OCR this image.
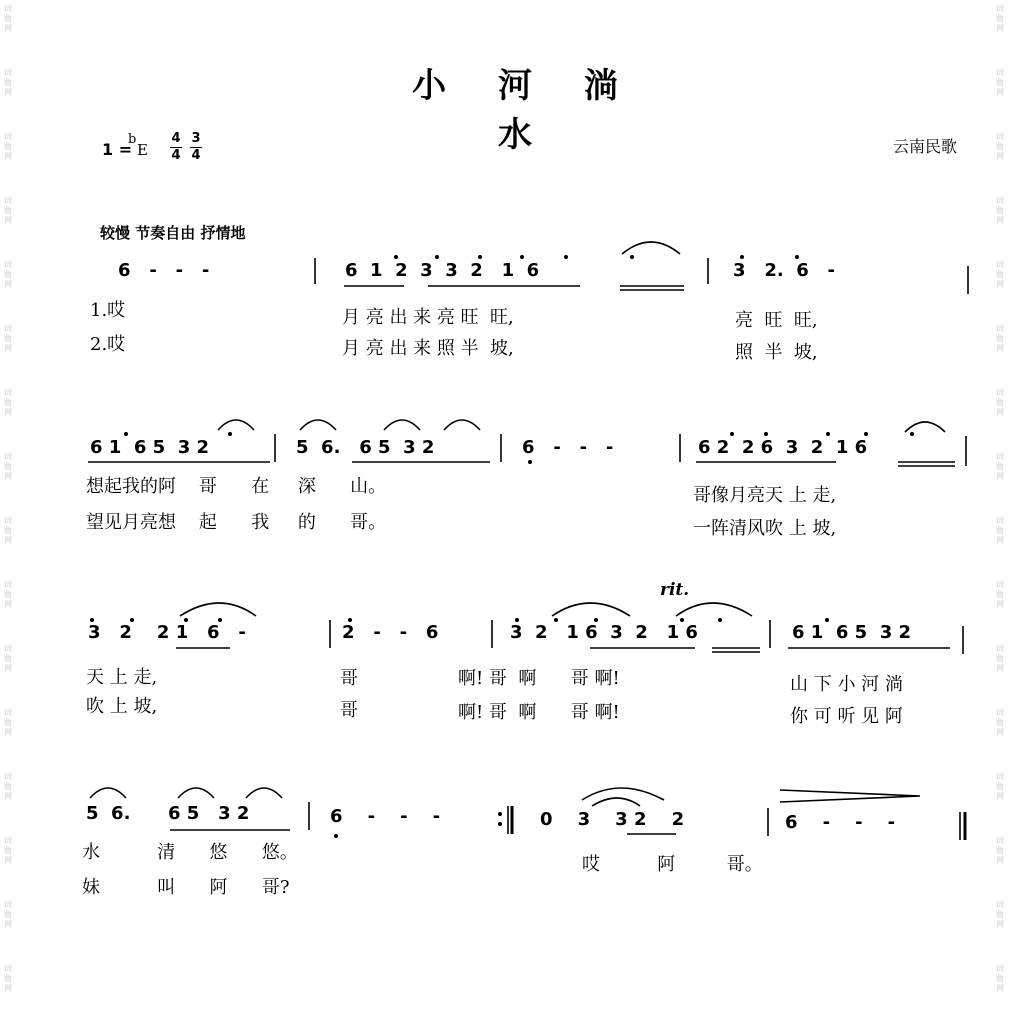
词
曲
网
词
曲
网
词
曲
网
词
曲
网
词
曲
网
词
曲
网
词
曲
网
词
曲
网
词
曲
网
词
曲
网
词
曲
网
词
曲
网
词
曲
网
词
曲
网
词
曲
网
词
曲
网
词
曲
网
词
曲
网
词
曲
网
词
曲
网
词
曲
网
词
曲
网
词
曲
网
词
曲
网
词
曲
网
词
曲
网
词
曲
网
词
曲
网
词
曲
网
词
曲
网
词
曲
网
词
曲
网
小 河 淌 水
1 =
b
E
4
4
3
4	云南民歌
较慢 节奏自由 抒情地
6   -   -   -	6  1  2  3  3  2   1  6	3   2.  6   -
1.哎
2.哎
月 亮 出 来 亮 旺  旺,
月 亮 出 来 照 半  坡,
亮  旺  旺,
照  半  坡,
6 1  6 5  3 2	5  6.   6 5  3 2	6   -   -   -	6 2  2 6  3  2  1 6
想起我的阿    哥      在     深      山。
望见月亮想    起      我     的      哥。
哥像月亮天 上 走,
一阵清风吹 上 坡,
rit.
3   2    2 1   6   -	2   -   -   6	3  2   1 6  3  2   1 6	6 1  6 5  3 2
天 上 走,
吹 上 坡,
哥
哥
啊! 哥  啊      哥 啊!
啊! 哥  啊      哥 啊!
山 下 小 河 淌
你 可 听 见 阿
5  6.      6 5   3 2	6    -    -    -	0    3    3 2    2	6    -    -    -
水          清      悠      悠。
妹          叫      阿      哥?
哎          阿         哥。
